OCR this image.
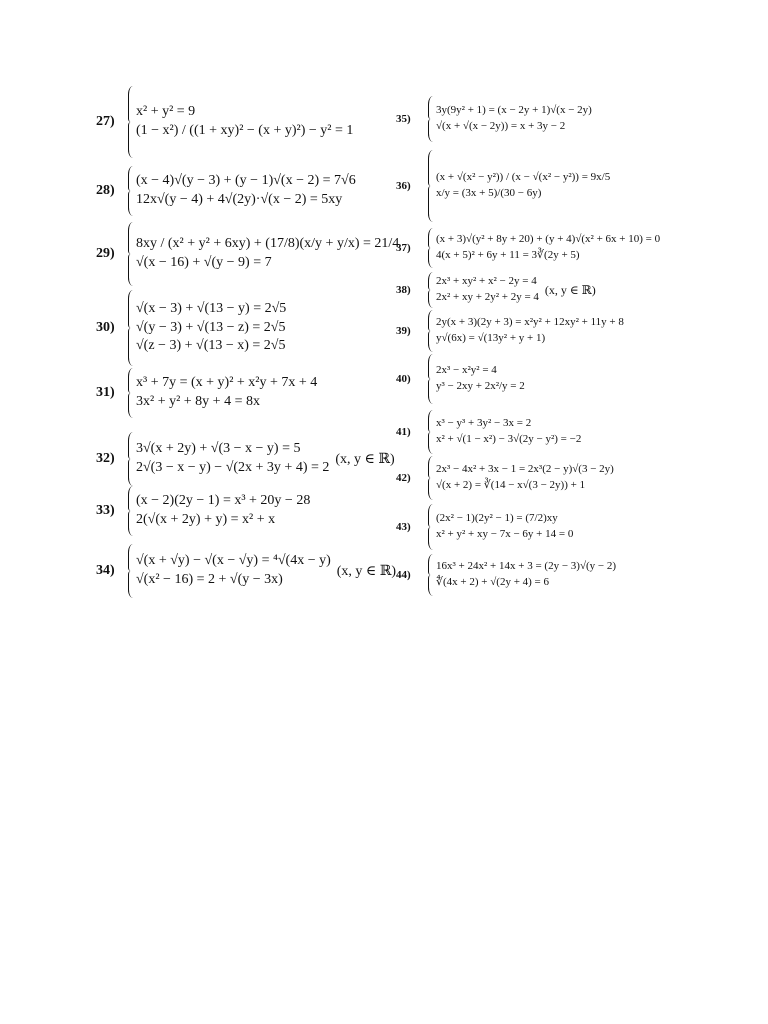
27)
x² + y² = 9
(1 − x²) / ((1 + xy)² − (x + y)²) − y² = 1
28)
(x − 4)√(y − 3) + (y − 1)√(x − 2) = 7√6
12x√(y − 4) + 4√(2y)·√(x − 2) = 5xy
29)
8xy / (x² + y² + 6xy) + (17/8)(x/y + y/x) = 21/4
√(x − 16) + √(y − 9) = 7
30)
√(x − 3) + √(13 − y) = 2√5
√(y − 3) + √(13 − z) = 2√5
√(z − 3) + √(13 − x) = 2√5
31)
x³ + 7y = (x + y)² + x²y + 7x + 4
3x² + y² + 8y + 4 = 8x
32)
3√(x + 2y) + √(3 − x − y) = 5
2√(3 − x − y) − √(2x + 3y + 4) = 2
(x, y ∈ ℝ)
33)
(x − 2)(2y − 1) = x³ + 20y − 28
2(√(x + 2y) + y) = x² + x
34)
√(x + √y) − √(x − √y) = ⁴√(4x − y)
√(x² − 16) = 2 + √(y − 3x)
(x, y ∈ ℝ)
35)
3y(9y² + 1) = (x − 2y + 1)√(x − 2y)
√(x + √(x − 2y)) = x + 3y − 2
36)
(x + √(x² − y²)) / (x − √(x² − y²)) = 9x/5
x/y = (3x + 5)/(30 − 6y)
37)
(x + 3)√(y² + 8y + 20) + (y + 4)√(x² + 6x + 10) = 0
4(x + 5)² + 6y + 11 = 3∛(2y + 5)
38)
2x³ + xy² + x² − 2y = 4
2x² + xy + 2y² + 2y = 4
(x, y ∈ ℝ)
39)
2y(x + 3)(2y + 3) = x²y² + 12xy² + 11y + 8
y√(6x) = √(13y² + y + 1)
40)
2x³ − x²y² = 4
y³ − 2xy + 2x²/y = 2
41)
x³ − y³ + 3y² − 3x = 2
x² + √(1 − x²) − 3√(2y − y²) = −2
42)
2x³ − 4x² + 3x − 1 = 2x³(2 − y)√(3 − 2y)
√(x + 2) = ∛(14 − x√(3 − 2y)) + 1
43)
(2x² − 1)(2y² − 1) = (7/2)xy
x² + y² + xy − 7x − 6y + 14 = 0
44)
16x³ + 24x² + 14x + 3 = (2y − 3)√(y − 2)
∜(4x + 2) + √(2y + 4) = 6
